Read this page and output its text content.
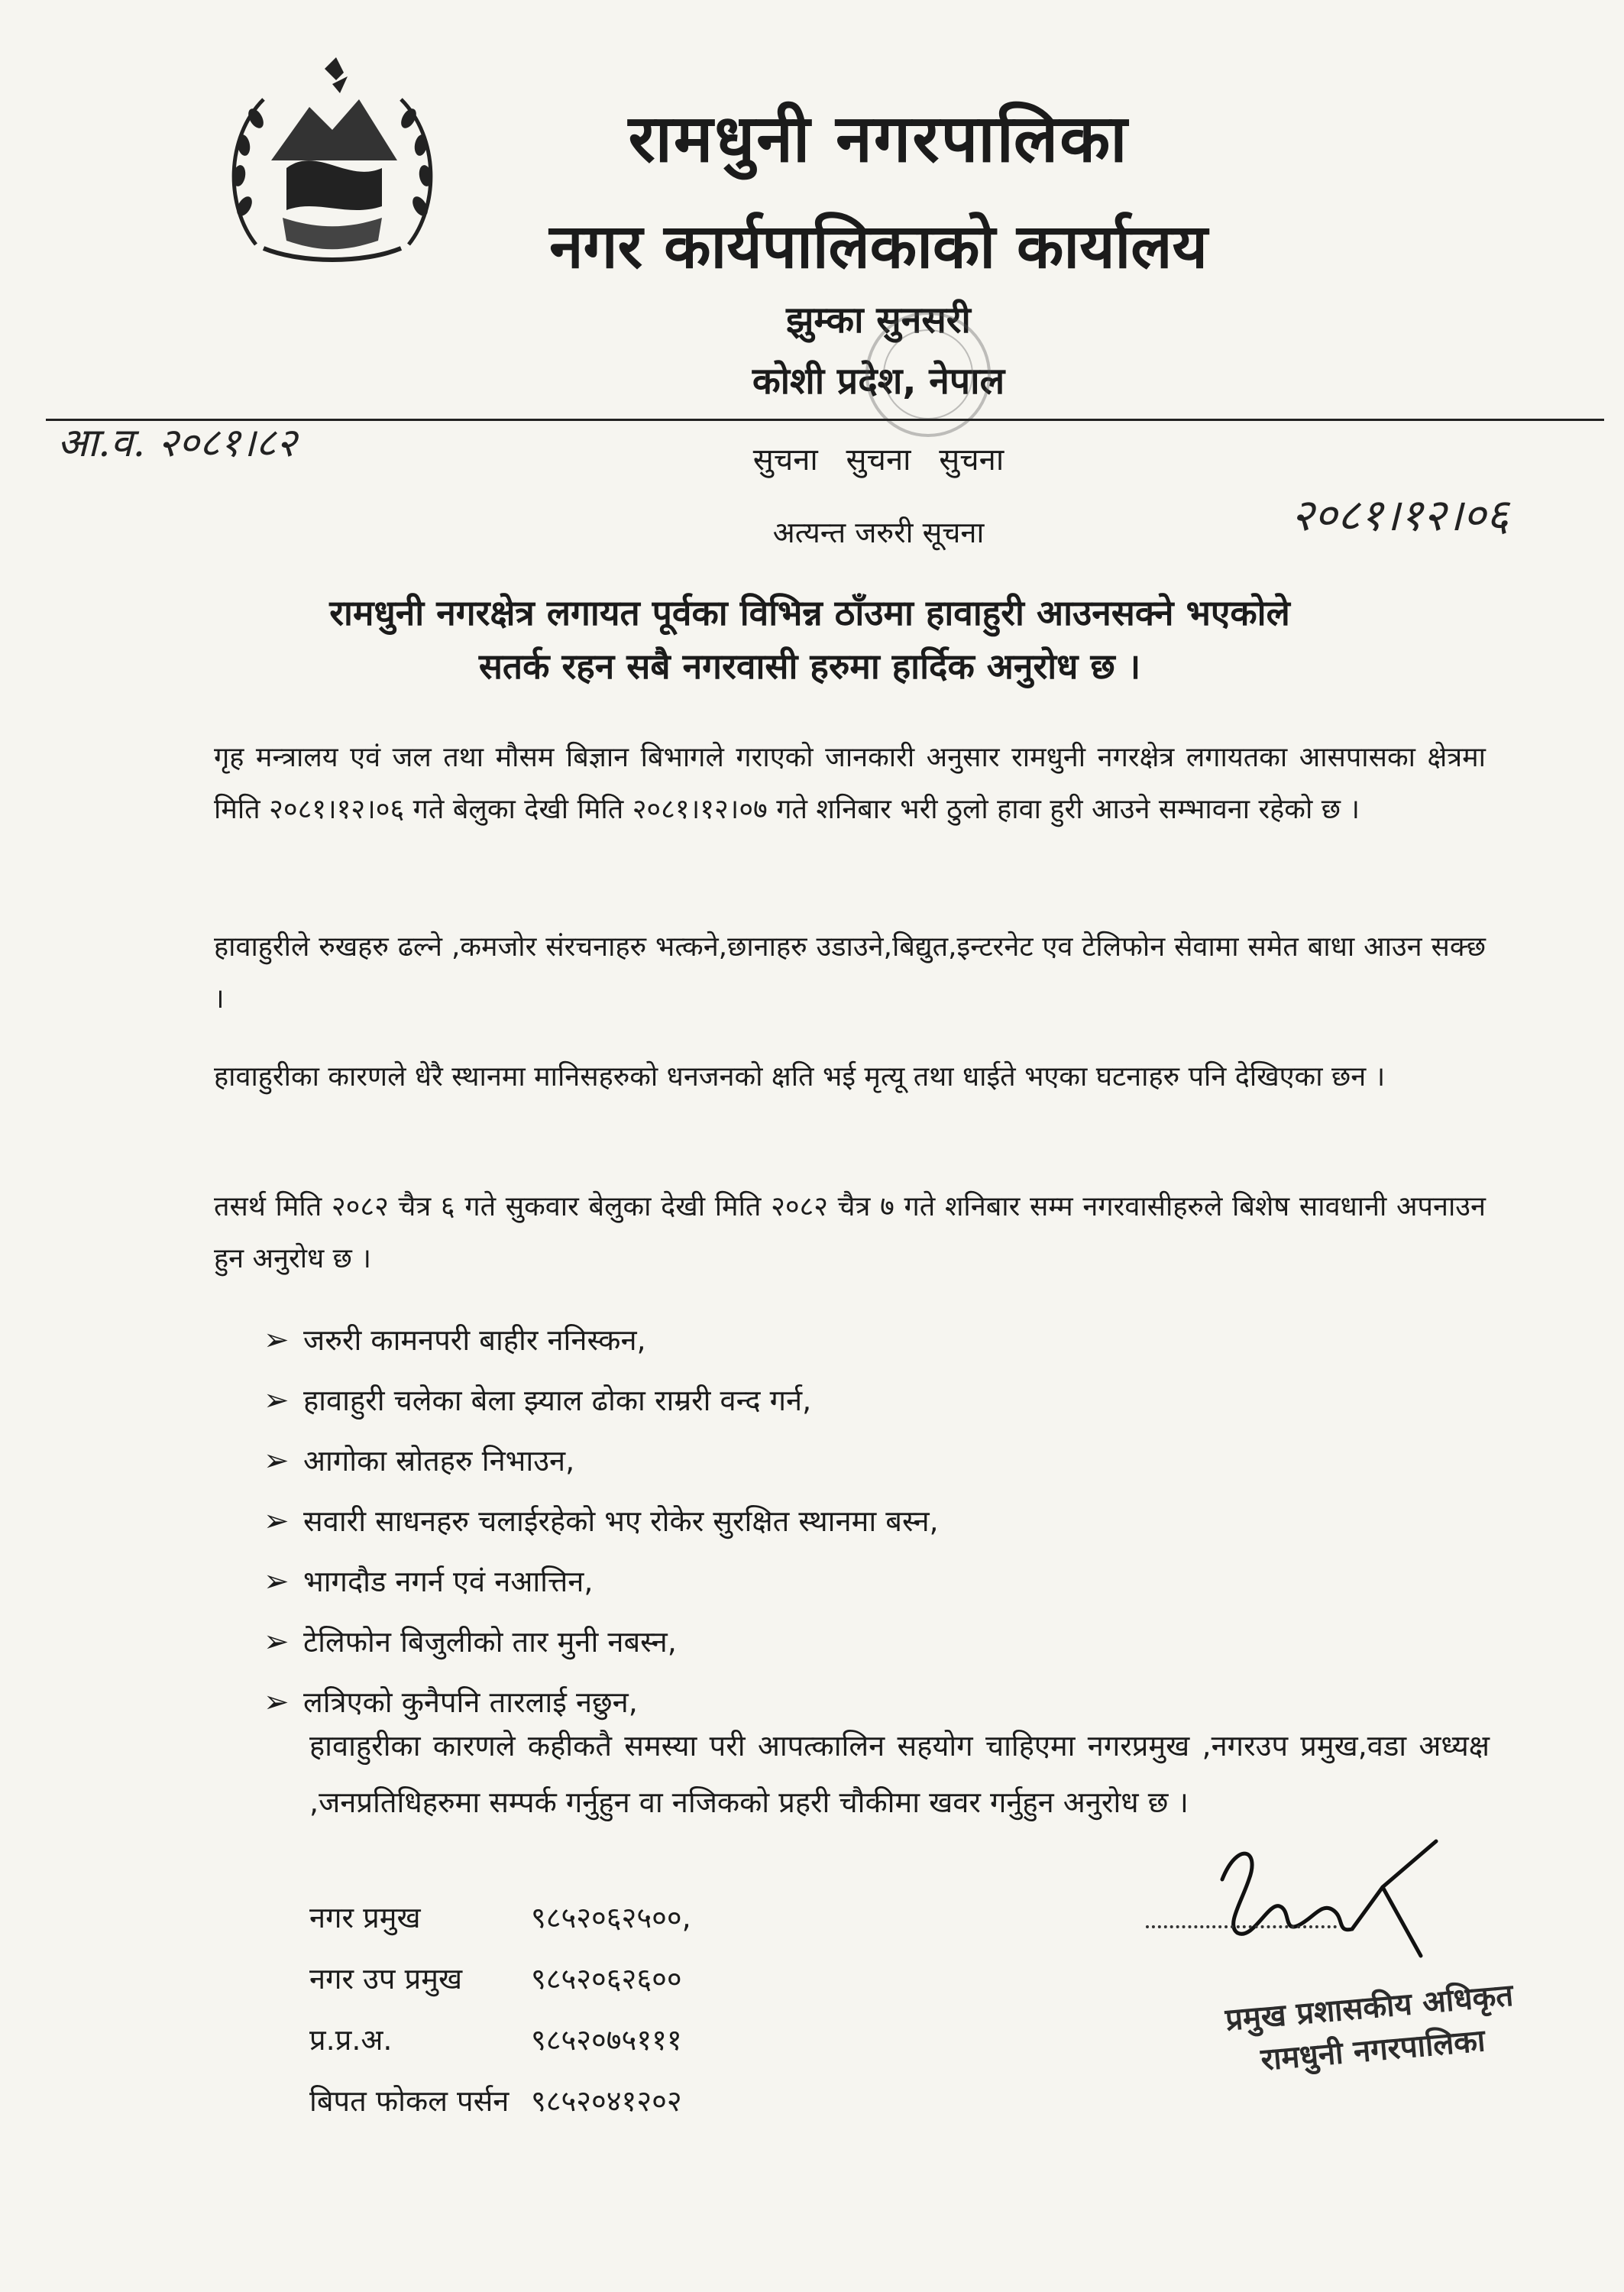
रामधुनी नगरपालिका
नगर कार्यपालिकाको कार्यालय
झुम्का सुनसरी
कोशी प्रदेश, नेपाल
आ.व. २०८१।८२	सुचना सुचना सुचना
२०८१।१२।०६
अत्यन्त जरुरी सूचना
रामधुनी नगरक्षेत्र लगायत पूर्वका विभिन्न ठाँउमा हावाहुरी आउनसक्ने भएकोले
सतर्क रहन सबै नगरवासी हरुमा हार्दिक अनुरोध छ ।
गृह मन्त्रालय एवं जल तथा मौसम बिज्ञान बिभागले गराएको जानकारी अनुसार रामधुनी नगरक्षेत्र लगायतका आसपासका क्षेत्रमा मिति २०८१।१२।०६ गते बेलुका देखी मिति २०८१।१२।०७ गते शनिबार भरी ठुलो हावा हुरी आउने सम्भावना रहेको छ ।
हावाहुरीले रुखहरु ढल्ने ,कमजोर संरचनाहरु भत्कने,छानाहरु उडाउने,बिद्युत,इन्टरनेट एव टेलिफोन सेवामा समेत बाधा आउन सक्छ ।
हावाहुरीका कारणले धेरै स्थानमा मानिसहरुको धनजनको क्षति भई मृत्यू तथा धाईते भएका घटनाहरु पनि देखिएका छन ।
तसर्थ मिति २०८२ चैत्र ६ गते सुकवार बेलुका देखी मिति २०८२ चैत्र ७ गते शनिबार सम्म नगरवासीहरुले बिशेष सावधानी अपनाउन हुन अनुरोध छ ।
➢ जरुरी कामनपरी बाहीर ननिस्कन,
➢ हावाहुरी चलेका बेला झ्याल ढोका राम्ररी वन्द गर्न,
➢ आगोका स्रोतहरु निभाउन,
➢ सवारी साधनहरु चलाईरहेको भए रोकेर सुरक्षित स्थानमा बस्न,
➢ भागदौड नगर्न एवं नआत्तिन,
➢ टेलिफोन बिजुलीको तार मुनी नबस्न,
➢ लत्रिएको कुनैपनि तारलाई नछुन,
हावाहुरीका कारणले कहीकतै समस्या परी आपत्कालिन सहयोग चाहिएमा नगरप्रमुख ,नगरउप प्रमुख,वडा अध्यक्ष ,जनप्रतिधिहरुमा सम्पर्क गर्नुहुन वा नजिकको प्रहरी चौकीमा खवर गर्नुहुन अनुरोध छ ।
नगर प्रमुख	९८५२०६२५००,
नगर उप प्रमुख ९८५२०६२६००
प्र.प्र.अ.	९८५२०७५१११
बिपत फोकल पर्सन ९८५२०४१२०२
प्रमुख प्रशासकीय अधिकृत
रामधुनी नगरपालिका
